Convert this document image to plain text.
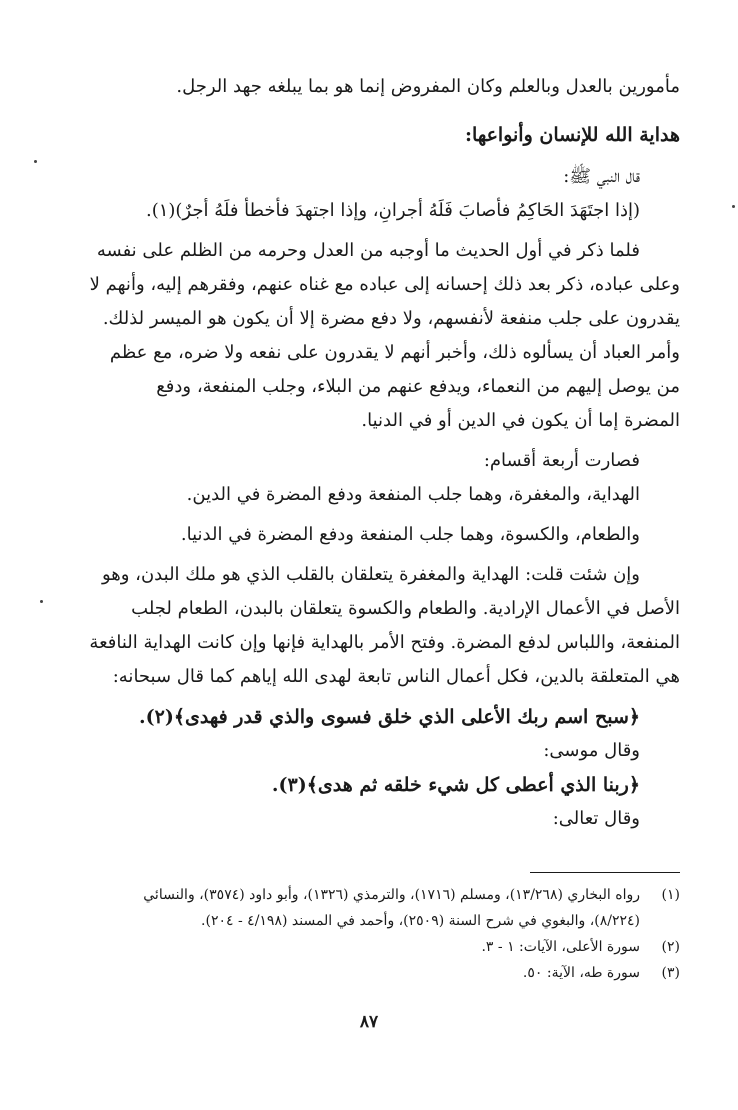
مأمورين بالعدل وبالعلم وكان المفروض إنما هو بما يبلغه جهد الرجل.

هداية الله للإنسان وأنواعها:

قال النبي ﷺ:

(إذا اجتَهَدَ الحَاكِمُ فأصابَ فَلَهُ أجرانِ، وإذا اجتهدَ فأخطأ فلَهُ أجرٌ)(١).

فلما ذكر في أول الحديث ما أوجبه من العدل وحرمه من الظلم على نفسه

وعلى عباده، ذكر بعد ذلك إحسانه إلى عباده مع غناه عنهم، وفقرهم إليه، وأنهم لا

يقدرون على جلب منفعة لأنفسهم، ولا دفع مضرة إلا أن يكون هو الميسر لذلك.

وأمر العباد أن يسألوه ذلك، وأخبر أنهم لا يقدرون على نفعه ولا ضره، مع عظم

من يوصل إليهم من النعماء، ويدفع عنهم من البلاء، وجلب المنفعة، ودفع

المضرة إما أن يكون في الدين أو في الدنيا.

فصارت أربعة أقسام:

الهداية، والمغفرة، وهما جلب المنفعة ودفع المضرة في الدين.

والطعام، والكسوة، وهما جلب المنفعة ودفع المضرة في الدنيا.

وإن شئت قلت: الهداية والمغفرة يتعلقان بالقلب الذي هو ملك البدن، وهو

الأصل في الأعمال الإرادية. والطعام والكسوة يتعلقان بالبدن، الطعام لجلب

المنفعة، واللباس لدفع المضرة. وفتح الأمر بالهداية فإنها وإن كانت الهداية النافعة

هي المتعلقة بالدين، فكل أعمال الناس تابعة لهدى الله إياهم كما قال سبحانه:

﴿سبح اسم ربك الأعلى الذي خلق فسوى والذي قدر فهدى﴾(٢).

وقال موسى:

﴿ربنا الذي أعطى كل شيء خلقه ثم هدى﴾(٣).

وقال تعالى:

(١)
رواه البخاري (١٣/٢٦٨)، ومسلم (١٧١٦)، والترمذي (١٣٢٦)، وأبو داود (٣٥٧٤)، والنسائي
(٨/٢٢٤)، والبغوي في شرح السنة (٢٥٠٩)، وأحمد في المسند (٤/١٩٨ - ٢٠٤).
(٢)
سورة الأعلى، الآيات: ١ - ٣.
(٣)
سورة طه، الآية: ٥٠.
٨٧
